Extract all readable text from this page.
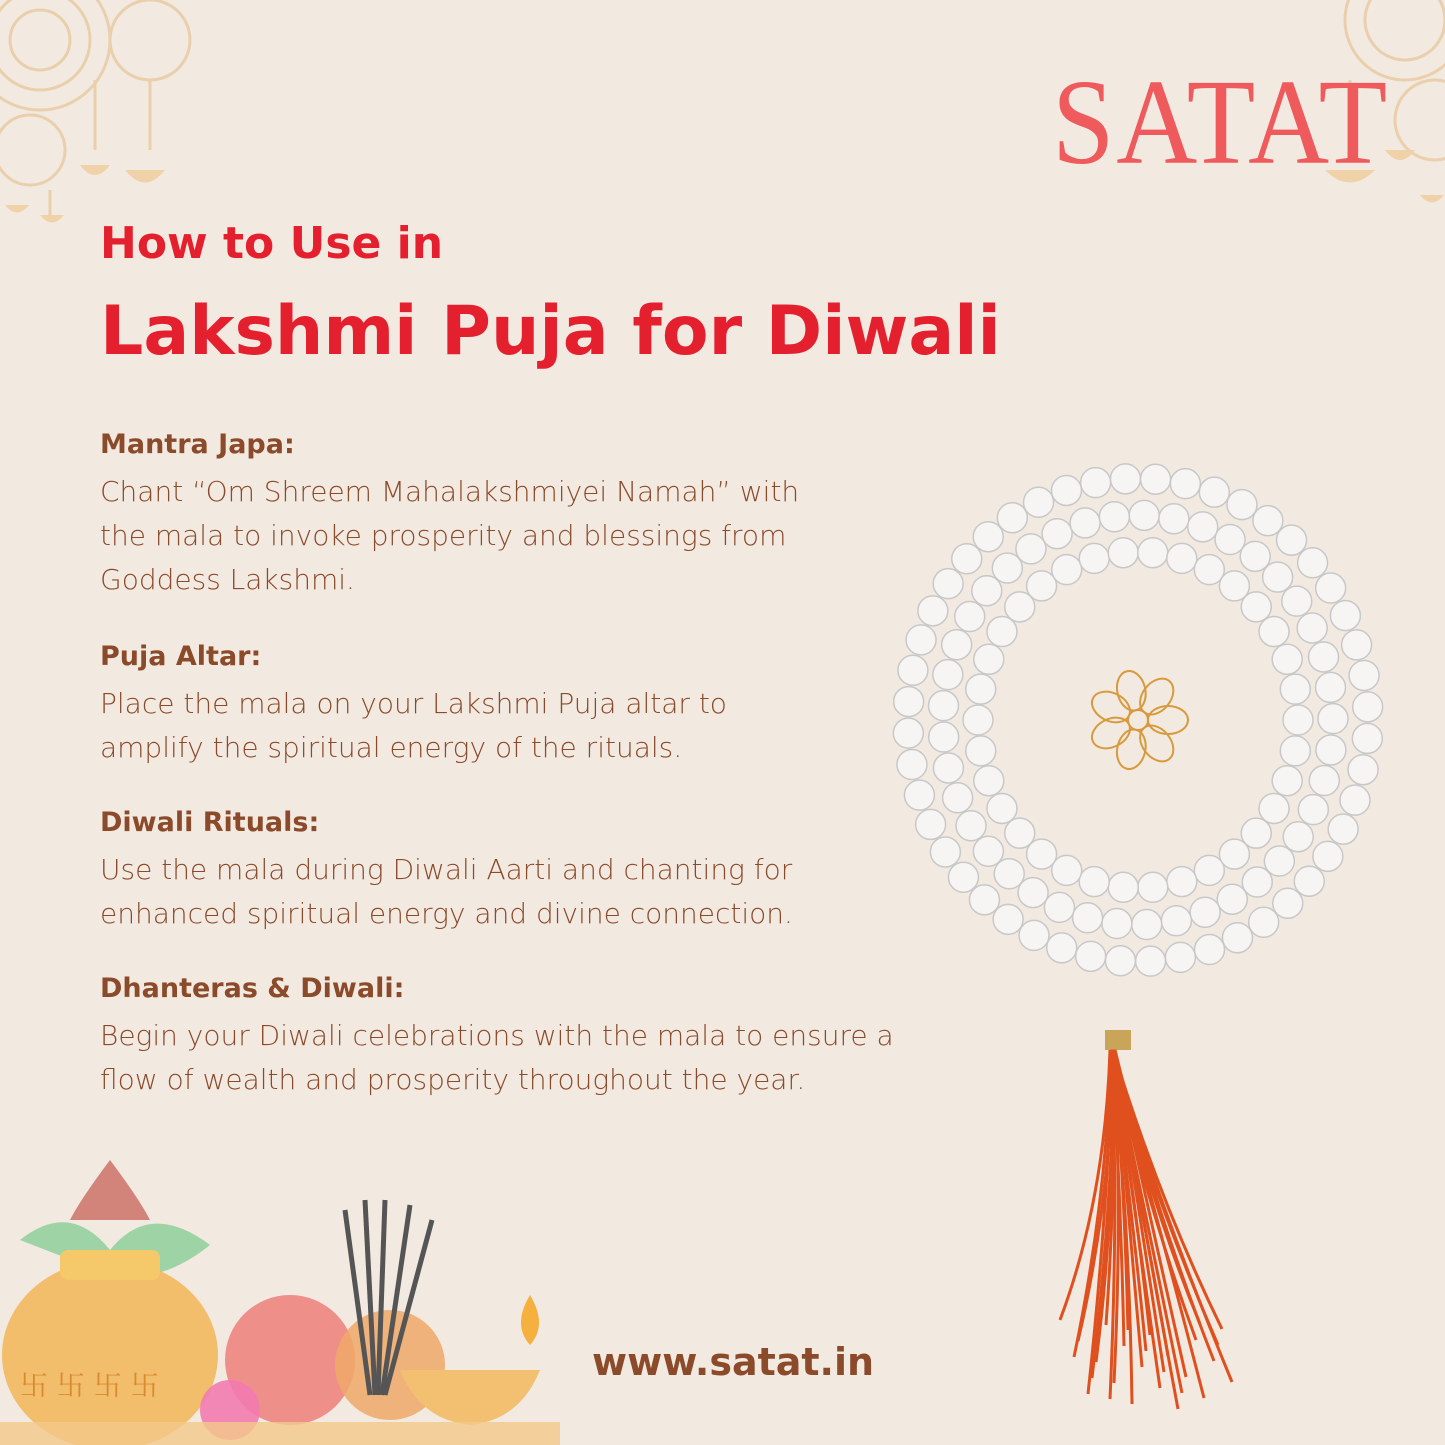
SATAT
How to Use in
Lakshmi Puja for Diwali
Mantra Japa:
Chant “Om Shreem Mahalakshmiyei Namah” with
the mala to invoke prosperity and blessings from
Goddess Lakshmi.
Puja Altar:
Place the mala on your Lakshmi Puja altar to
amplify the spiritual energy of the rituals.
Diwali Rituals:
Use the mala during Diwali Aarti and chanting for
enhanced spiritual energy and divine connection.
Dhanteras & Diwali:
Begin your Diwali celebrations with the mala to ensure a
flow of wealth and prosperity throughout the year.
卐 卐 卐 卐
www.satat.in
